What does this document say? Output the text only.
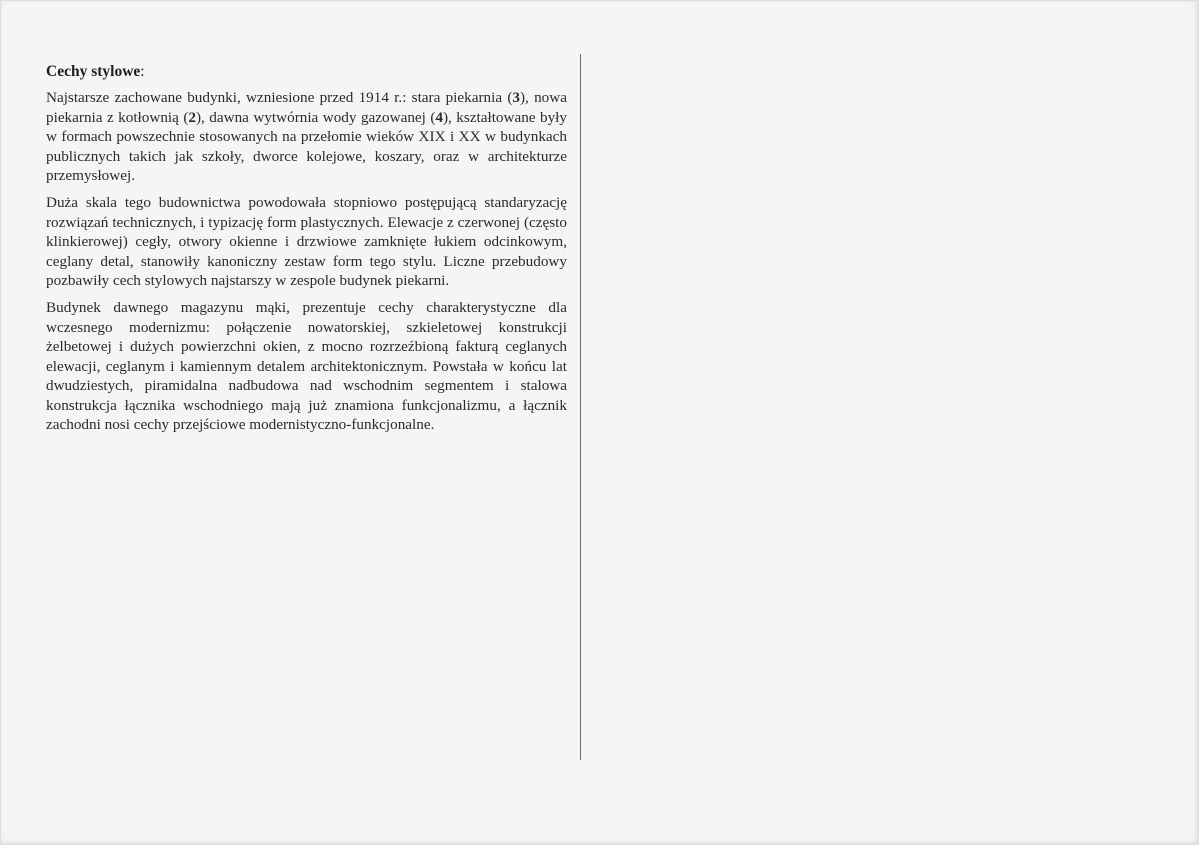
Cechy stylowe:

Najstarsze zachowane budynki, wzniesione przed 1914 r.: stara piekarnia (3), nowa piekarnia z kotłownią (2), dawna wytwórnia wody gazowanej (4), kształtowane były w formach powszechnie stosowanych na przełomie wieków XIX i XX w budynkach publicznych takich jak szkoły, dworce kolejowe, koszary, oraz w architekturze przemysłowej.

Duża skala tego budownictwa powodowała stopniowo postępującą standaryzację rozwiązań technicznych, i typizację form plastycznych. Elewacje z czerwonej (często klinkierowej) cegły, otwory okienne i drzwiowe zamknięte łukiem odcinkowym, ceglany detal, stanowiły kanoniczny zestaw form tego stylu. Liczne przebudowy pozbawiły cech stylowych najstarszy w zespole budynek piekarni.

Budynek dawnego magazynu mąki, prezentuje cechy charakterystyczne dla wczesnego modernizmu: połączenie nowatorskiej, szkieletowej konstrukcji żelbetowej i dużych powierzchni okien, z mocno rozrzeźbioną fakturą ceglanych elewacji, ceglanym i kamiennym detalem architektonicznym. Powstała w końcu lat dwudziestych, piramidalna nadbudowa nad wschodnim segmentem i stalowa konstrukcja łącznika wschodniego mają już znamiona funkcjonalizmu, a łącznik zachodni nosi cechy przejściowe modernistyczno-funkcjonalne.
